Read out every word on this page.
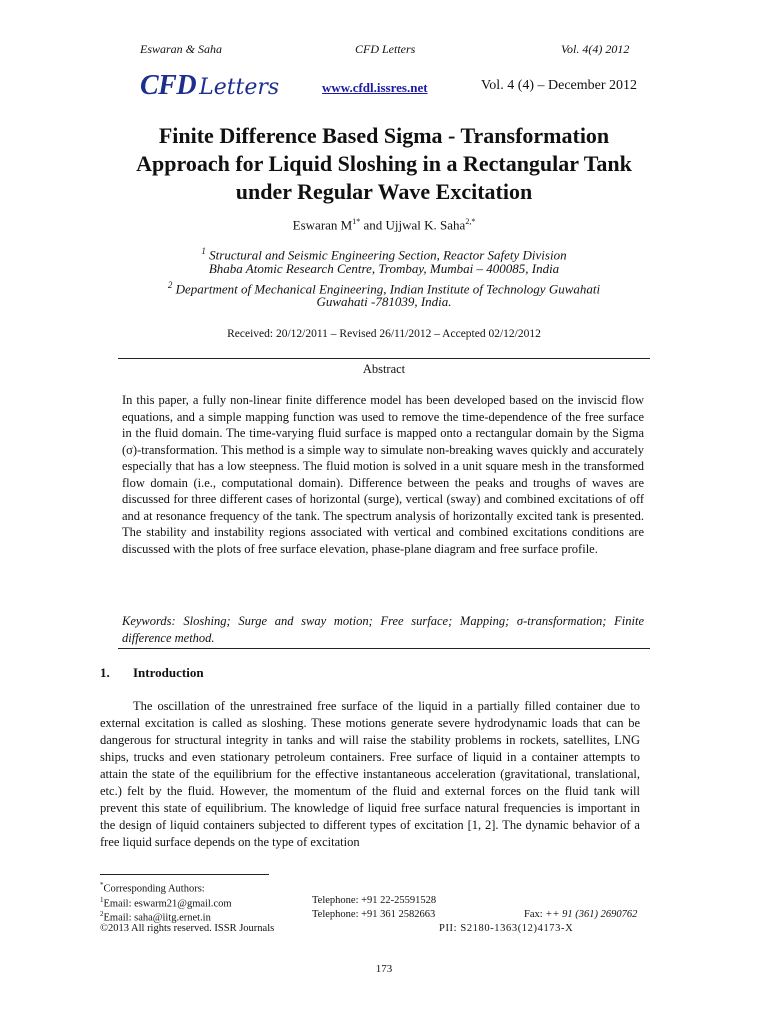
Eswaran & Saha	CFD Letters	Vol. 4(4) 2012
CFD Letters	www.cfdl.issres.net	Vol. 4 (4) – December 2012
Finite Difference Based Sigma - Transformation Approach for Liquid Sloshing in a Rectangular Tank under Regular Wave Excitation
Eswaran $M^{1*}$ and Ujjwal K. Saha$^{2,*}$
$^1$ Structural and Seismic Engineering Section, Reactor Safety Division
Bhaba Atomic Research Centre, Trombay, Mumbai – 400085, India
$^2$ Department of Mechanical Engineering, Indian Institute of Technology Guwahati
Guwahati -781039, India.
Received: 20/12/2011 – Revised 26/11/2012 – Accepted 02/12/2012
Abstract
In this paper, a fully non-linear finite difference model has been developed based on the inviscid flow equations, and a simple mapping function was used to remove the time-dependence of the free surface in the fluid domain. The time-varying fluid surface is mapped onto a rectangular domain by the Sigma (σ)-transformation. This method is a simple way to simulate non-breaking waves quickly and accurately especially that has a low steepness. The fluid motion is solved in a unit square mesh in the transformed flow domain (i.e., computational domain). Difference between the peaks and troughs of waves are discussed for three different cases of horizontal (surge), vertical (sway) and combined excitations of off and at resonance frequency of the tank. The spectrum analysis of horizontally excited tank is presented. The stability and instability regions associated with vertical and combined excitations conditions are discussed with the plots of free surface elevation, phase-plane diagram and free surface profile.
Keywords: Sloshing; Surge and sway motion; Free surface; Mapping; σ-transformation; Finite difference method.
1. Introduction
The oscillation of the unrestrained free surface of the liquid in a partially filled container due to external excitation is called as sloshing. These motions generate severe hydrodynamic loads that can be dangerous for structural integrity in tanks and will raise the stability problems in rockets, satellites, LNG ships, trucks and even stationary petroleum containers. Free surface of liquid in a container attempts to attain the state of the equilibrium for the effective instantaneous acceleration (gravitational, translational, etc.) felt by the fluid. However, the momentum of the fluid and external forces on the fluid tank will prevent this state of equilibrium. The knowledge of liquid free surface natural frequencies is important in the design of liquid containers subjected to different types of excitation [1, 2]. The dynamic behavior of a free liquid surface depends on the type of excitation
*Corresponding Authors:
$^1$Email: eswarm21@gmail.com	Telephone: +91 22-25591528
$^2$Email: saha@iitg.ernet.in	Telephone: +91 361 2582663	Fax: ++ 91 (361) 2690762
©2013 All rights reserved. ISSR Journals	PII: S2180-1363(12)4173-X
173
